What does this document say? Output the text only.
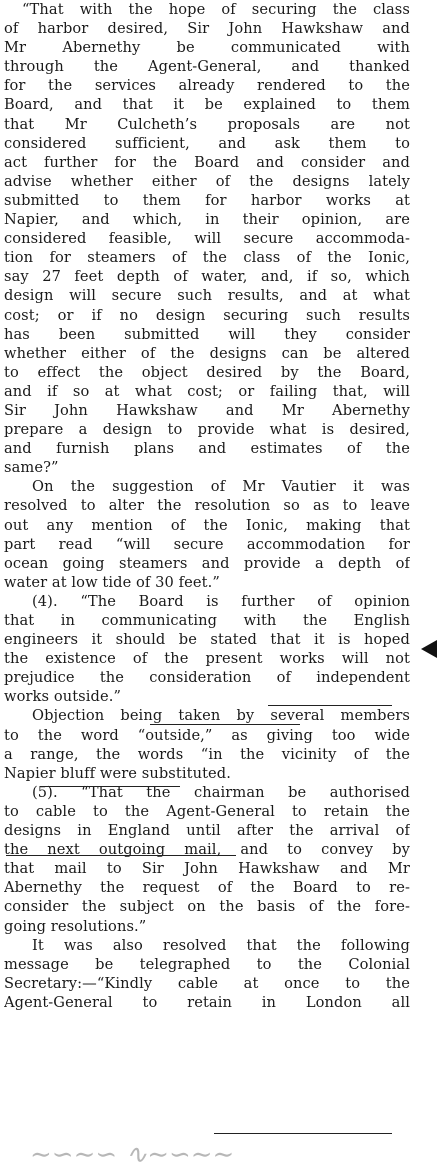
“That with the hope of securing the class
of harbor desired, Sir John Hawkshaw and
Mr Abernethy be communicated with
through the Agent-General, and thanked
for the services already rendered to the
Board, and that it be explained to them
that Mr Culcheth’s proposals are not
considered sufficient, and ask them to
act further for the Board and consider and
advise whether either of the designs lately
submitted to them for harbor works at
Napier, and which, in their opinion, are
considered feasible, will secure accommoda-
tion for steamers of the class of the Ionic,
say 27 feet depth of water, and, if so, which
design will secure such results, and at what
cost; or if no design securing such results
has been submitted will they consider
whether either of the designs can be altered
to effect the object desired by the Board,
and if so at what cost; or failing that, will
Sir John Hawkshaw and Mr Abernethy
prepare a design to provide what is desired,
and furnish plans and estimates of the
same?”
On the suggestion of Mr Vautier it was
resolved to alter the resolution so as to leave
out any mention of the Ionic, making that
part read “will secure accommodation for
ocean going steamers and provide a depth of
water at low tide of 30 feet.”
(4). “The Board is further of opinion
that in communicating with the English
engineers it should be stated that it is hoped
the existence of the present works will not
prejudice the consideration of independent
works outside.”
Objection being taken by several members
to the word “outside,” as giving too wide
a range, the words “in the vicinity of the
Napier bluff were substituted.
(5). “That the chairman be authorised
to cable to the Agent-General to retain the
designs in England until after the arrival of
the next outgoing mail, and to convey by
that mail to Sir John Hawkshaw and Mr
Abernethy the request of the Board to re-
consider the subject on the basis of the fore-
going resolutions.”
It was also resolved that the following
message be telegraphed to the Colonial
Secretary:—“Kindly cable at once to the
Agent-General to retain in London all
∼∽∼∽ ∿∼∽∼∼
